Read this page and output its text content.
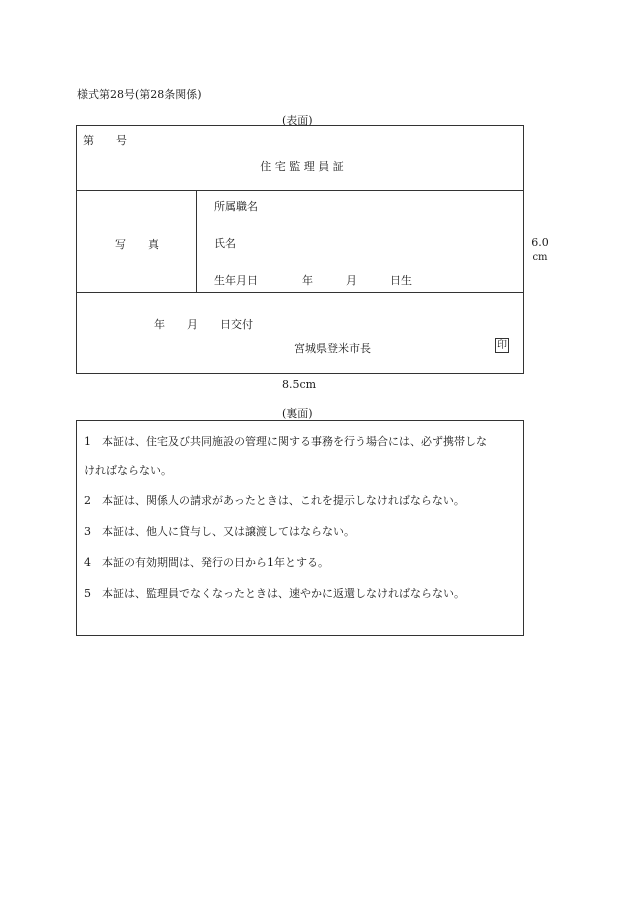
様式第28号(第28条関係)
(表面)
第　　号
住 宅 監 理 員 証
写　　真
所属職名
氏名
生年月日　　　　年　　　月　　　日生
年　　月　　日交付
宮城県登米市長	印
6.0
cm
8.5cm
(裏面)
1　本証は、住宅及び共同施設の管理に関する事務を行う場合には、必ず携帯しな
ければならない。
2　本証は、関係人の請求があったときは、これを提示しなければならない。
3　本証は、他人に貸与し、又は譲渡してはならない。
4　本証の有効期間は、発行の日から1年とする。
5　本証は、監理員でなくなったときは、速やかに返還しなければならない。
